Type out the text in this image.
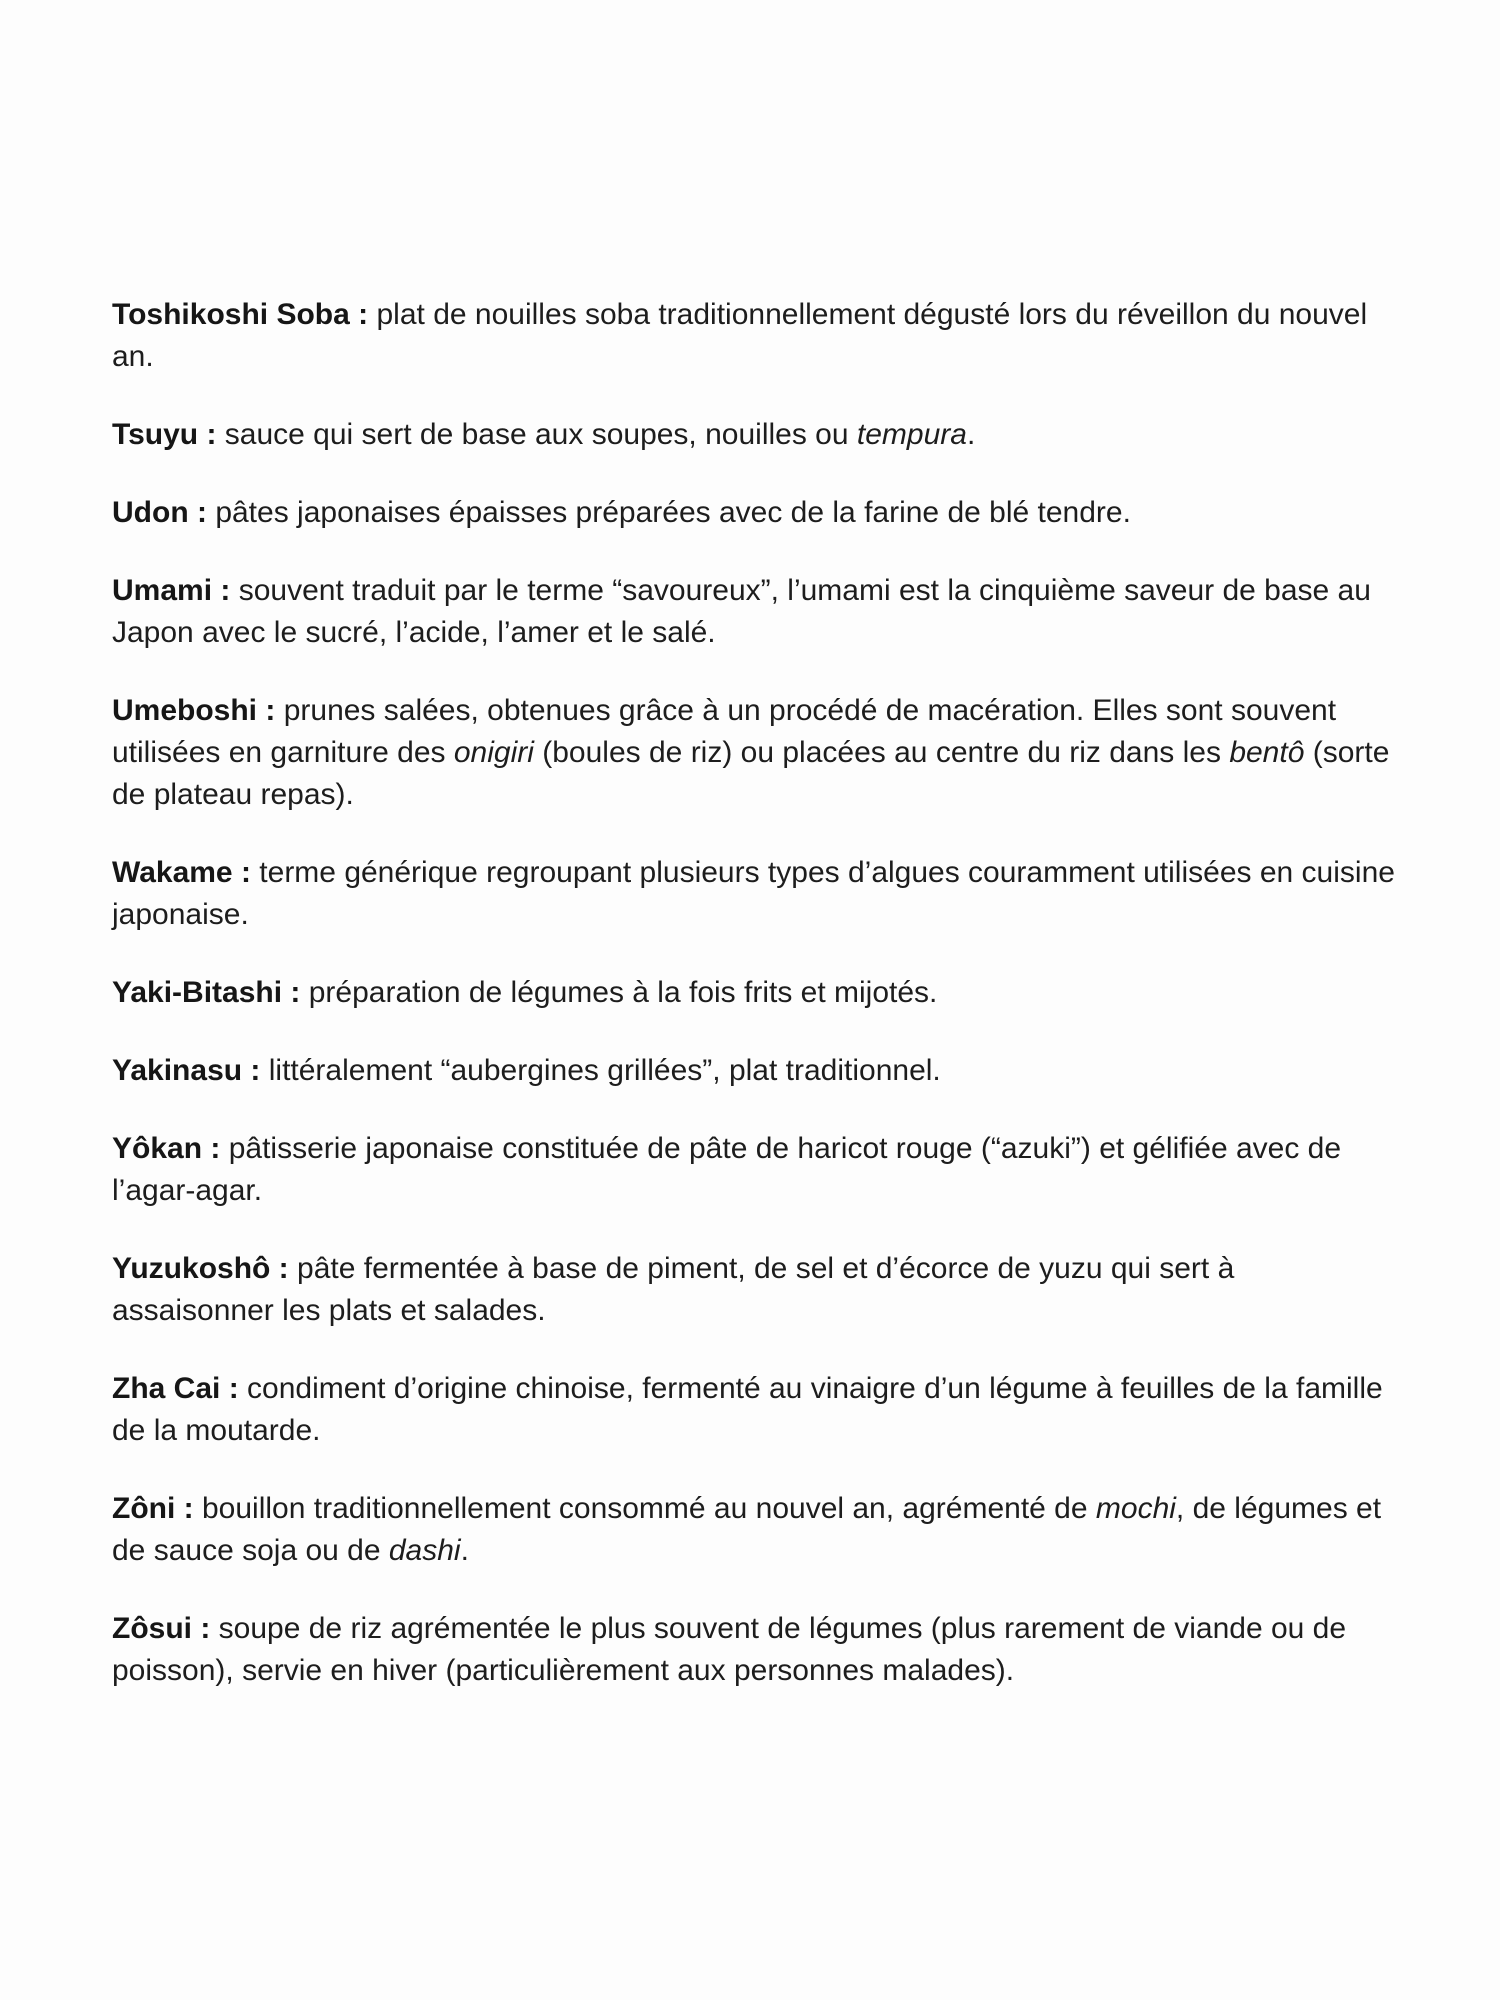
Toshikoshi Soba : plat de nouilles soba traditionnellement dégusté lors du réveillon du nouvel an.

Tsuyu : sauce qui sert de base aux soupes, nouilles ou tempura.

Udon : pâtes japonaises épaisses préparées avec de la farine de blé tendre.

Umami : souvent traduit par le terme “savoureux”, l’umami est la cinquième saveur de base au Japon avec le sucré, l’acide, l’amer et le salé.

Umeboshi : prunes salées, obtenues grâce à un procédé de macération. Elles sont souvent utilisées en garniture des onigiri (boules de riz) ou placées au centre du riz dans les bentô (sorte de plateau repas).

Wakame : terme générique regroupant plusieurs types d’algues couramment utilisées en cuisine japonaise.

Yaki-Bitashi : préparation de légumes à la fois frits et mijotés.

Yakinasu : littéralement “aubergines grillées”, plat traditionnel.

Yôkan : pâtisserie japonaise constituée de pâte de haricot rouge (“azuki”) et gélifiée avec de l’agar-agar.

Yuzukoshô : pâte fermentée à base de piment, de sel et d’écorce de yuzu qui sert à assaisonner les plats et salades.

Zha Cai : condiment d’origine chinoise, fermenté au vinaigre d’un légume à feuilles de la famille de la moutarde.

Zôni : bouillon traditionnellement consommé au nouvel an, agrémenté de mochi, de légumes et de sauce soja ou de dashi.

Zôsui : soupe de riz agrémentée le plus souvent de légumes (plus rarement de viande ou de poisson), servie en hiver (particulièrement aux personnes malades).
